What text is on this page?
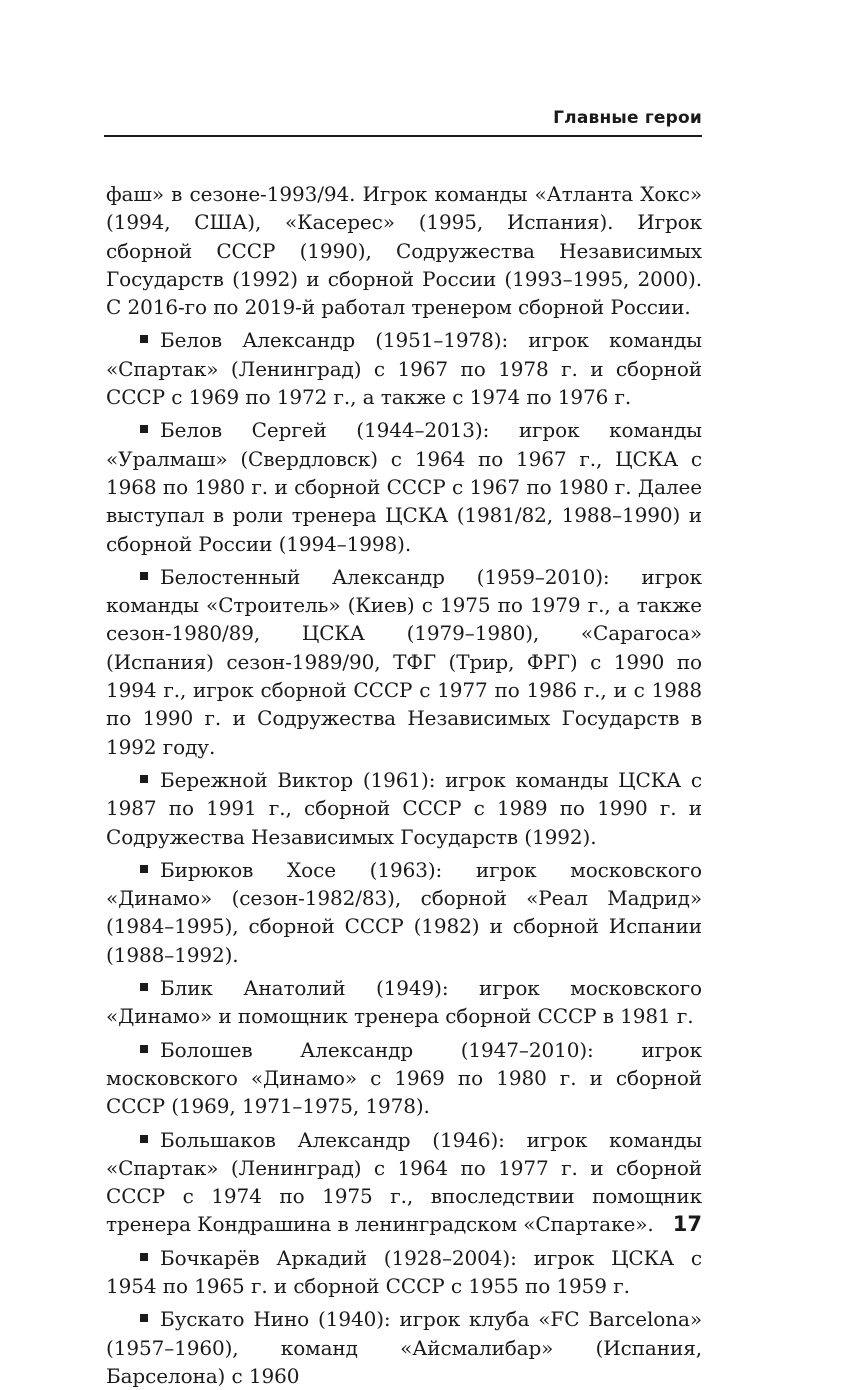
Главные герои

фаш» в сезоне-1993/94. Игрок команды «Атланта Хокс» (1994, США), «Касерес» (1995, Испания). Игрок сборной СССР (1990), Содружества Независимых Государств (1992) и сборной России (1993–1995, 2000). С 2016-го по 2019-й работал тренером сборной России.

Белов Александр (1951–1978): игрок команды «Спартак» (Ленинград) с 1967 по 1978 г. и сборной СССР с 1969 по 1972 г., а также с 1974 по 1976 г.

Белов Сергей (1944–2013): игрок команды «Уралмаш» (Свердловск) с 1964 по 1967 г., ЦСКА с 1968 по 1980 г. и сборной СССР с 1967 по 1980 г. Далее выступал в роли тренера ЦСКА (1981/82, 1988–1990) и сборной России (1994–1998).

Белостенный Александр (1959–2010): игрок команды «Строитель» (Киев) с 1975 по 1979 г., а также сезон-1980/89, ЦСКА (1979–1980), «Сарагоса» (Испания) сезон-1989/90, ТФГ (Трир, ФРГ) с 1990 по 1994 г., игрок сборной СССР с 1977 по 1986 г., и с 1988 по 1990 г. и Содружества Независимых Государств в 1992 году.

Бережной Виктор (1961): игрок команды ЦСКА с 1987 по 1991 г., сборной СССР с 1989 по 1990 г. и Содружества Независимых Государств (1992).

Бирюков Хосе (1963): игрок московского «Динамо» (сезон-1982/83), сборной «Реал Мадрид» (1984–1995), сборной СССР (1982) и сборной Испании (1988–1992).

Блик Анатолий (1949): игрок московского «Динамо» и помощник тренера сборной СССР в 1981 г.

Болошев Александр (1947–2010): игрок московского «Динамо» с 1969 по 1980 г. и сборной СССР (1969, 1971–1975, 1978).

Большаков Александр (1946): игрок команды «Спартак» (Ленинград) с 1964 по 1977 г. и сборной СССР с 1974 по 1975 г., впоследствии помощник тренера Кондрашина в ленинградском «Спартаке».

Бочкарёв Аркадий (1928–2004): игрок ЦСКА с 1954 по 1965 г. и сборной СССР с 1955 по 1959 г.

Бускато Нино (1940): игрок клуба «FC Barcelona» (1957–1960), команд «Айсмалибар» (Испания, Барселона) с 1960

17
